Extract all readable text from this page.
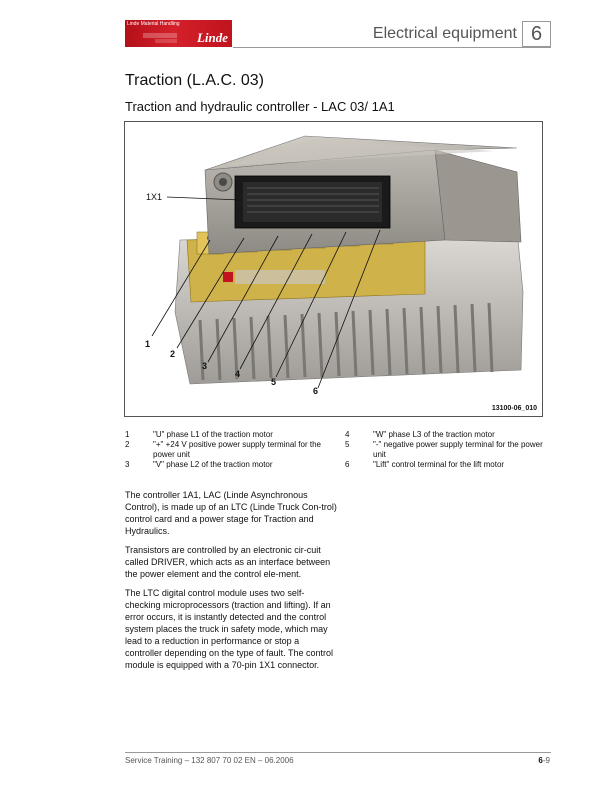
Linde Material Handling
Linde	Electrical equipment 6
Traction (L.A.C. 03)
Traction and hydraulic controller - LAC 03/ 1A1
1X1
1
2
3
4
5
6
13100-06_010
1	"U" phase L1 of the traction motor
2	"+" +24 V positive power supply terminal for the power unit
3	"V" phase L2 of the traction motor
4	"W" phase L3 of the traction motor
5	"-" negative power supply terminal for the power unit
6	"Lift" control terminal for the lift motor

The controller 1A1, LAC (Linde Asynchronous Control), is made up of an LTC (Linde Truck Con-trol) control card and a power stage for Traction and Hydraulics.

Transistors are controlled by an electronic cir-cuit called DRIVER, which acts as an interface between the power element and the control ele-ment.

The LTC digital control module uses two self-checking microprocessors (traction and lifting). If an error occurs, it is instantly detected and the control system places the truck in safety mode, which may lead to a reduction in performance or stop a controller depending on the type of fault. The control module is equipped with a 70-pin 1X1 connector.

Service Training – 132 807 70 02 EN – 06.2006	6-9
